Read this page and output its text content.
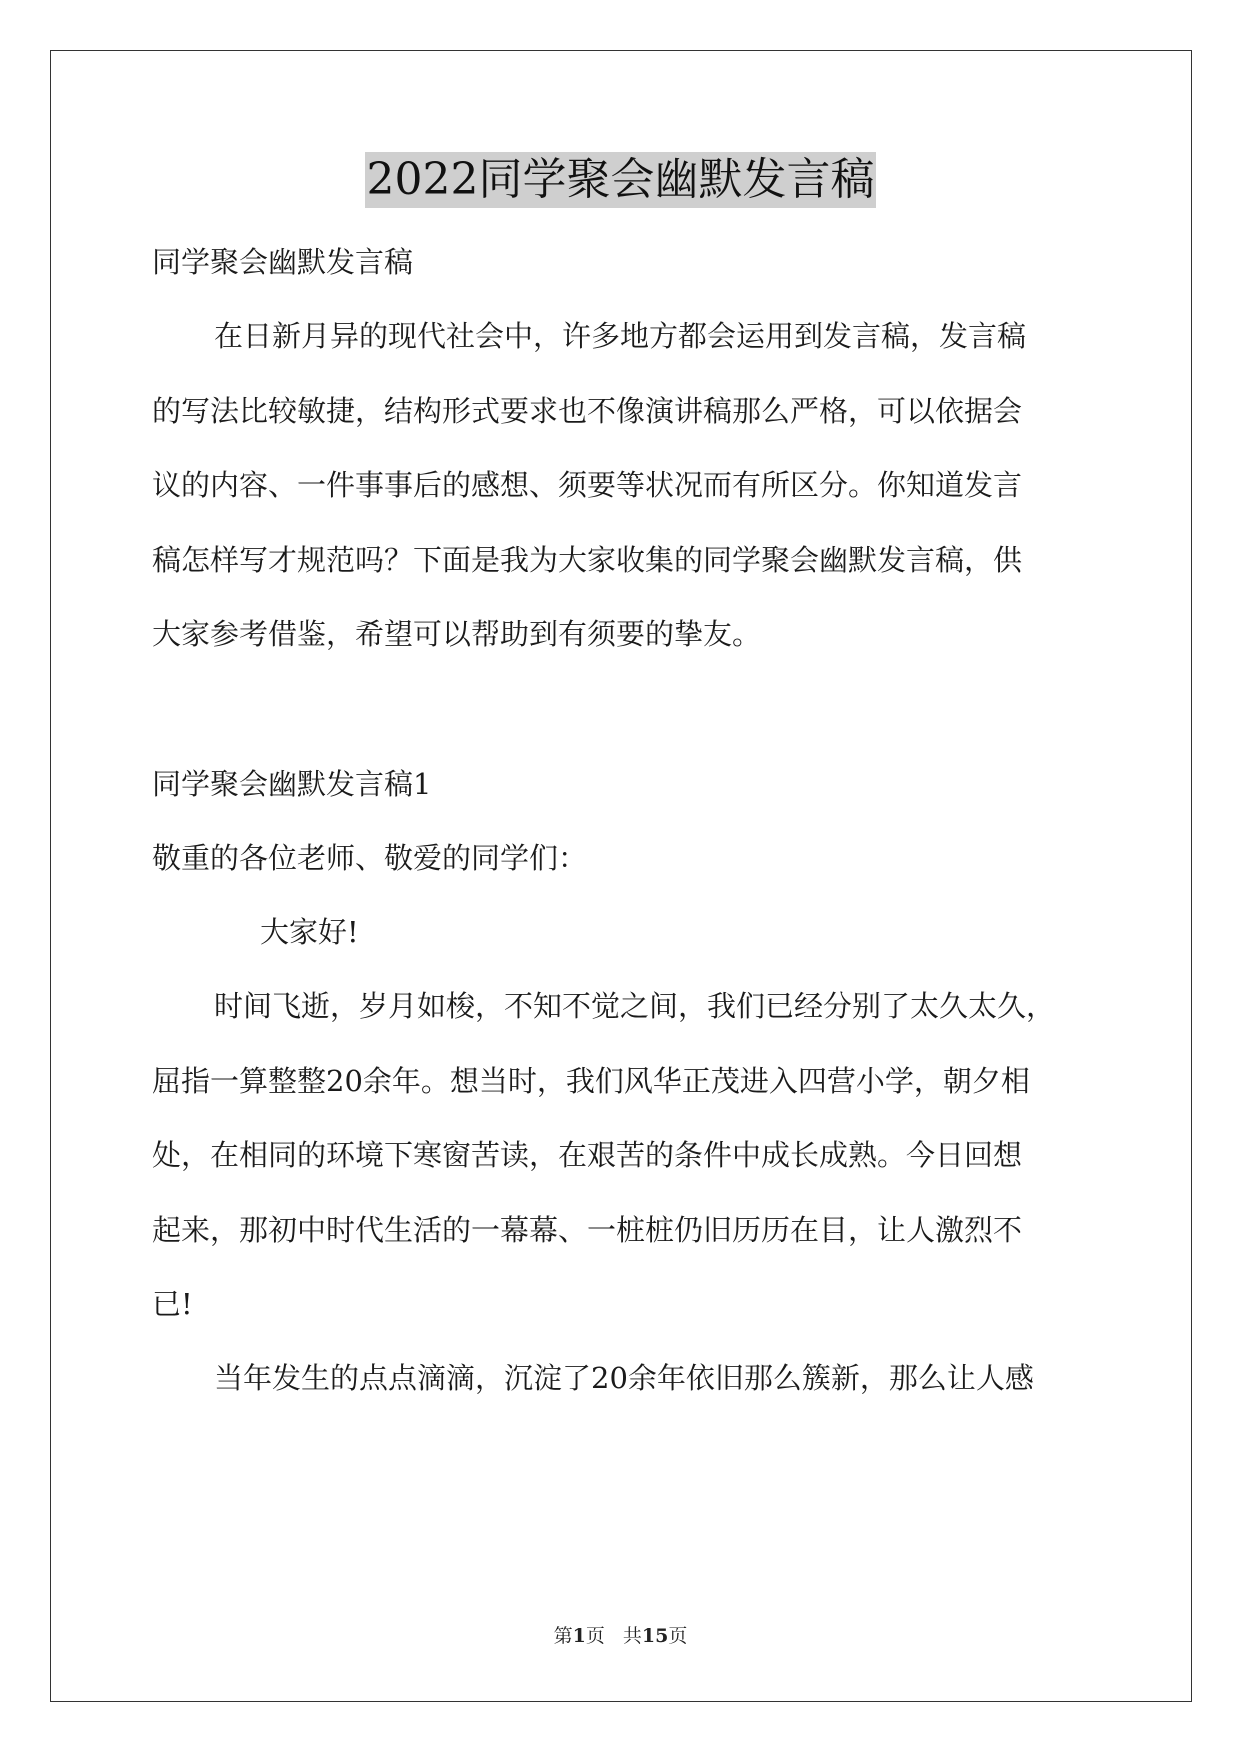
2022同学聚会幽默发言稿
同学聚会幽默发言稿
在日新月异的现代社会中，许多地方都会运用到发言稿，发言稿
的写法比较敏捷，结构形式要求也不像演讲稿那么严格，可以依据会
议的内容、一件事事后的感想、须要等状况而有所区分。你知道发言
稿怎样写才规范吗？下面是我为大家收集的同学聚会幽默发言稿，供
大家参考借鉴，希望可以帮助到有须要的挚友。
同学聚会幽默发言稿1
敬重的各位老师、敬爱的同学们：
大家好!
时间飞逝，岁月如梭，不知不觉之间，我们已经分别了太久太久，
屈指一算整整20余年。想当时，我们风华正茂进入四营小学，朝夕相
处，在相同的环境下寒窗苦读，在艰苦的条件中成长成熟。今日回想
起来，那初中时代生活的一幕幕、一桩桩仍旧历历在目，让人激烈不
已!
当年发生的点点滴滴，沉淀了20余年依旧那么簇新，那么让人感
第1页 共15页
